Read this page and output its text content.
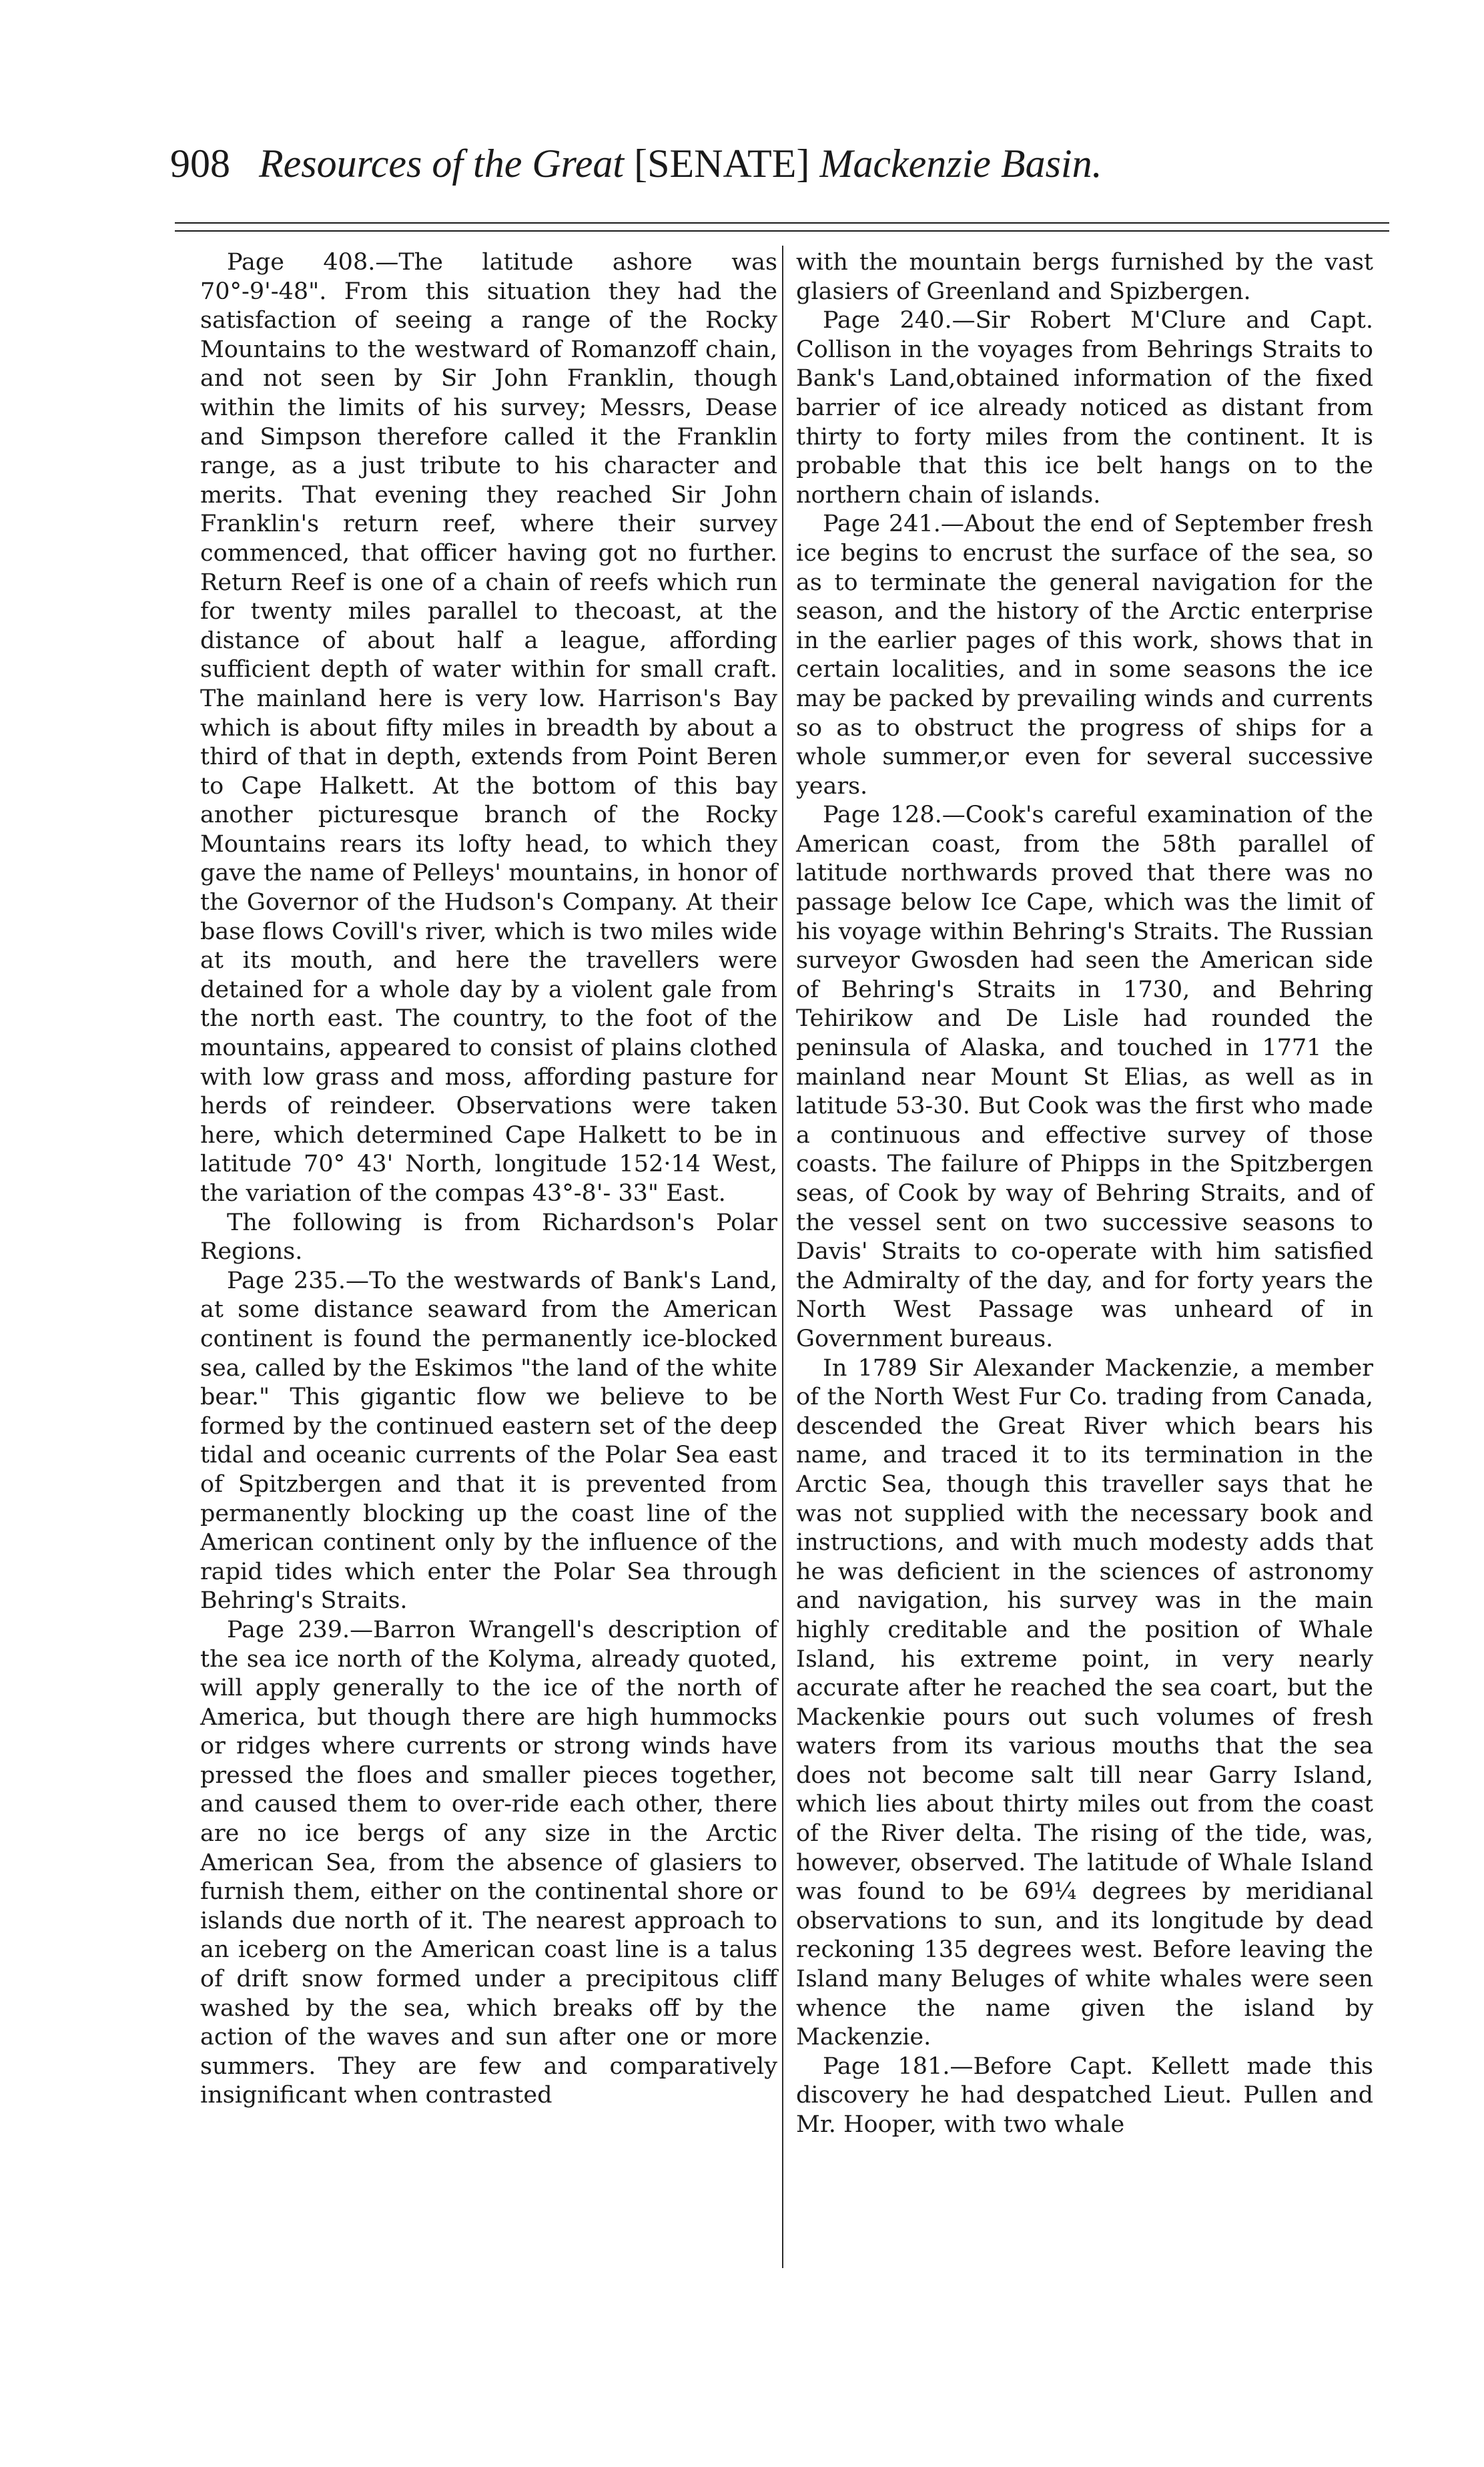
908 Resources of the Great [SENATE] Mackenzie Basin.

Page 408.—The latitude ashore was 70°-9'-48". From this situation they had the satisfaction of seeing a range of the Rocky Mountains to the westward of Romanzoff chain, and not seen by Sir John Franklin, though within the limits of his survey; Messrs, Dease and Simpson therefore called it the Franklin range, as a just tribute to his character and merits. That evening they reached Sir John Franklin's return reef, where their survey commenced, that officer having got no further. Return Reef is one of a chain of reefs which run for twenty miles parallel to thecoast, at the distance of about half a league, affording sufficient depth of water within for small craft. The mainland here is very low. Harrison's Bay which is about fifty miles in breadth by about a third of that in depth, extends from Point Beren to Cape Halkett. At the bottom of this bay another picturesque branch of the Rocky Mountains rears its lofty head, to which they gave the name of Pelleys' mountains, in honor of the Governor of the Hudson's Company. At their base flows Covill's river, which is two miles wide at its mouth, and here the travellers were detained for a whole day by a violent gale from the north east. The country, to the foot of the mountains, appeared to consist of plains clothed with low grass and moss, affording pasture for herds of reindeer. Observations were taken here, which determined Cape Halkett to be in latitude 70° 43' North, longitude 152·14 West, the variation of the compas 43°-8'- 33" East.

The following is from Richardson's Polar Regions.

Page 235.—To the westwards of Bank's Land, at some distance seaward from the American continent is found the permanently ice-blocked sea, called by the Eskimos "the land of the white bear." This gigantic flow we believe to be formed by the continued eastern set of the deep tidal and oceanic currents of the Polar Sea east of Spitzbergen and that it is prevented from permanently blocking up the coast line of the American continent only by the influence of the rapid tides which enter the Polar Sea through Behring's Straits.

Page 239.—Barron Wrangell's description of the sea ice north of the Kolyma, already quoted, will apply generally to the ice of the north of America, but though there are high hummocks or ridges where currents or strong winds have pressed the floes and smaller pieces together, and caused them to over-ride each other, there are no ice bergs of any size in the Arctic American Sea, from the absence of glasiers to furnish them, either on the continental shore or islands due north of it. The nearest approach to an iceberg on the American coast line is a talus of drift snow formed under a precipitous cliff washed by the sea, which breaks off by the action of the waves and sun after one or more summers. They are few and comparatively insignificant when contrasted

with the mountain bergs furnished by the vast glasiers of Greenland and Spizbergen.

Page 240.—Sir Robert M'Clure and Capt. Collison in the voyages from Behrings Straits to Bank's Land,obtained information of the fixed barrier of ice already noticed as distant from thirty to forty miles from the continent. It is probable that this ice belt hangs on to the northern chain of islands.

Page 241.—About the end of September fresh ice begins to encrust the surface of the sea, so as to terminate the general navigation for the season, and the history of the Arctic enterprise in the earlier pages of this work, shows that in certain localities, and in some seasons the ice may be packed by prevailing winds and currents so as to obstruct the progress of ships for a whole summer,or even for several successive years.

Page 128.—Cook's careful examination of the American coast, from the 58th parallel of latitude northwards proved that there was no passage below Ice Cape, which was the limit of his voyage within Behring's Straits. The Russian surveyor Gwosden had seen the American side of Behring's Straits in 1730, and Behring Tehirikow and De Lisle had rounded the peninsula of Alaska, and touched in 1771 the mainland near Mount St Elias, as well as in latitude 53-30. But Cook was the first who made a continuous and effective survey of those coasts. The failure of Phipps in the Spitzbergen seas, of Cook by way of Behring Straits, and of the vessel sent on two successive seasons to Davis' Straits to co-operate with him satisfied the Admiralty of the day, and for forty years the North West Passage was unheard of in Government bureaus.

In 1789 Sir Alexander Mackenzie, a member of the North West Fur Co. trading from Canada, descended the Great River which bears his name, and traced it to its termination in the Arctic Sea, though this traveller says that he was not supplied with the necessary book and instructions, and with much modesty adds that he was deficient in the sciences of astronomy and navigation, his survey was in the main highly creditable and the position of Whale Island, his extreme point, in very nearly accurate after he reached the sea coart, but the Mackenkie pours out such volumes of fresh waters from its various mouths that the sea does not become salt till near Garry Island, which lies about thirty miles out from the coast of the River delta. The rising of the tide, was, however, observed. The latitude of Whale Island was found to be 69¼ degrees by meridianal observations to sun, and its longitude by dead reckoning 135 degrees west. Before leaving the Island many Beluges of white whales were seen whence the name given the island by Mackenzie.

Page 181.—Before Capt. Kellett made this discovery he had despatched Lieut. Pullen and Mr. Hooper, with two whale
